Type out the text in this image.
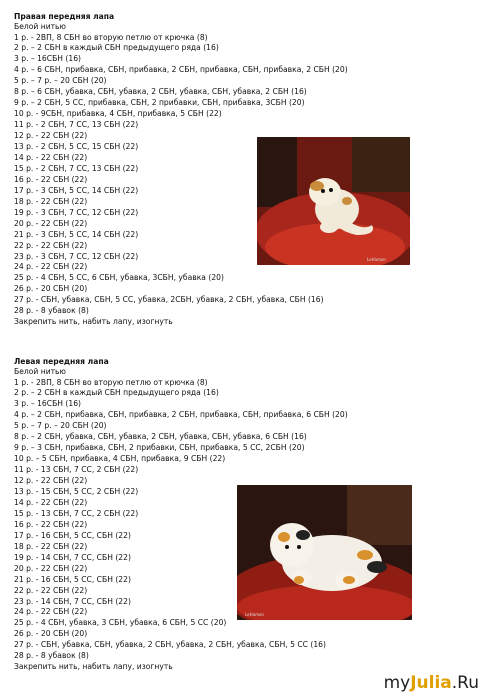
Правая передняя лапа
Белой нитью
1 р. - 2ВП, 8 СБН во вторую петлю от крючка (8)
2 р. – 2 СБН в каждый СБН предыдущего ряда (16)
3 р. – 16СБН (16)
4 р. – 6 СБН, прибавка, СБН, прибавка, 2 СБН, прибавка, СБН, прибавка, 2 СБН (20)
5 р. – 7 р. – 20 СБН (20)
8 р. – 6 СБН, убавка, СБН, убавка, 2 СБН, убавка, СБН, убавка, 2 СБН (16)
9 р. – 2 СБН, 5 СС, прибавка, СБН, 2 прибавки, СБН, прибавка, 3СБН (20)
10 р. - 9СБН, прибавка, 4 СБН, прибавка, 5 СБН (22)
11 р. - 2 СБН, 7 СС, 13 СБН (22)
12 р. - 22 СБН (22)
13 р. - 2 СБН, 5 СС, 15 СБН (22)
14 р. - 22 СБН (22)
15 р. - 2 СБН, 7 СС, 13 СБН (22)
16 р. - 22 СБН (22)
17 р. - 3 СБН, 5 СС, 14 СБН (22)
18 р. - 22 СБН (22)
19 р. - 3 СБН, 7 СС, 12 СБН (22)
20 р. - 22 СБН (22)
21 р. - 3 СБН, 5 СС, 14 СБН (22)
22 р. - 22 СБН (22)
23 р. - 3 СБН, 7 СС, 12 СБН (22)
24 р. - 22 СБН (22)
25 р. - 4 СБН, 5 СС, 6 СБН, убавка, 3СБН, убавка (20)
26 р. - 20 СБН (20)
27 р. - СБН, убавка, СБН, 5 СС, убавка, 2СБН, убавка, 2 СБН, убавка, СБН (16)
28 р. - 8 убавок (8)
Закрепить нить, набить лапу, изогнуть
LeHamon
Левая передняя лапа
Белой нитью
1 р. - 2ВП, 8 СБН во вторую петлю от крючка (8)
2 р. – 2 СБН в каждый СБН предыдущего ряда (16)
3 р. – 16СБН (16)
4 р. – 2 СБН, прибавка, СБН, прибавка, 2 СБН, прибавка, СБН, прибавка, 6 СБН (20)
5 р. – 7 р. – 20 СБН (20)
8 р. – 2 СБН, убавка, СБН, убавка, 2 СБН, убавка, СБН, убавка, 6 СБН (16)
9 р. – 3 СБН, прибавка, СБН, 2 прибавки, СБН, прибавка, 5 СС, 2СБН (20)
10 р. – 5 СБН, прибавка, 4 СБН, прибавка, 9 СБН (22)
11 р. - 13 СБН, 7 СС, 2 СБН (22)
12 р. - 22 СБН (22)
13 р. - 15 СБН, 5 СС, 2 СБН (22)
14 р. - 22 СБН (22)
15 р. - 13 СБН, 7 СС, 2 СБН (22)
16 р. - 22 СБН (22)
17 р. - 16 СБН, 5 СС, СБН (22)
18 р. - 22 СБН (22)
19 р. - 14 СБН, 7 СС, СБН (22)
20 р. - 22 СБН (22)
21 р. - 16 СБН, 5 СС, СБН (22)
22 р. - 22 СБН (22)
23 р. - 14 СБН, 7 СС, СБН (22)
24 р. - 22 СБН (22)
25 р. - 4 СБН, убавка, 3 СБН, убавка, 6 СБН, 5 СС (20)
26 р. - 20 СБН (20)
27 р. - СБН, убавка, СБН, убавка, 2 СБН, убавка, 2 СБН, убавка, СБН, 5 СС (16)
28 р. - 8 убавок (8)
Закрепить нить, набить лапу, изогнуть
LeHamon
myJulia.Ru
